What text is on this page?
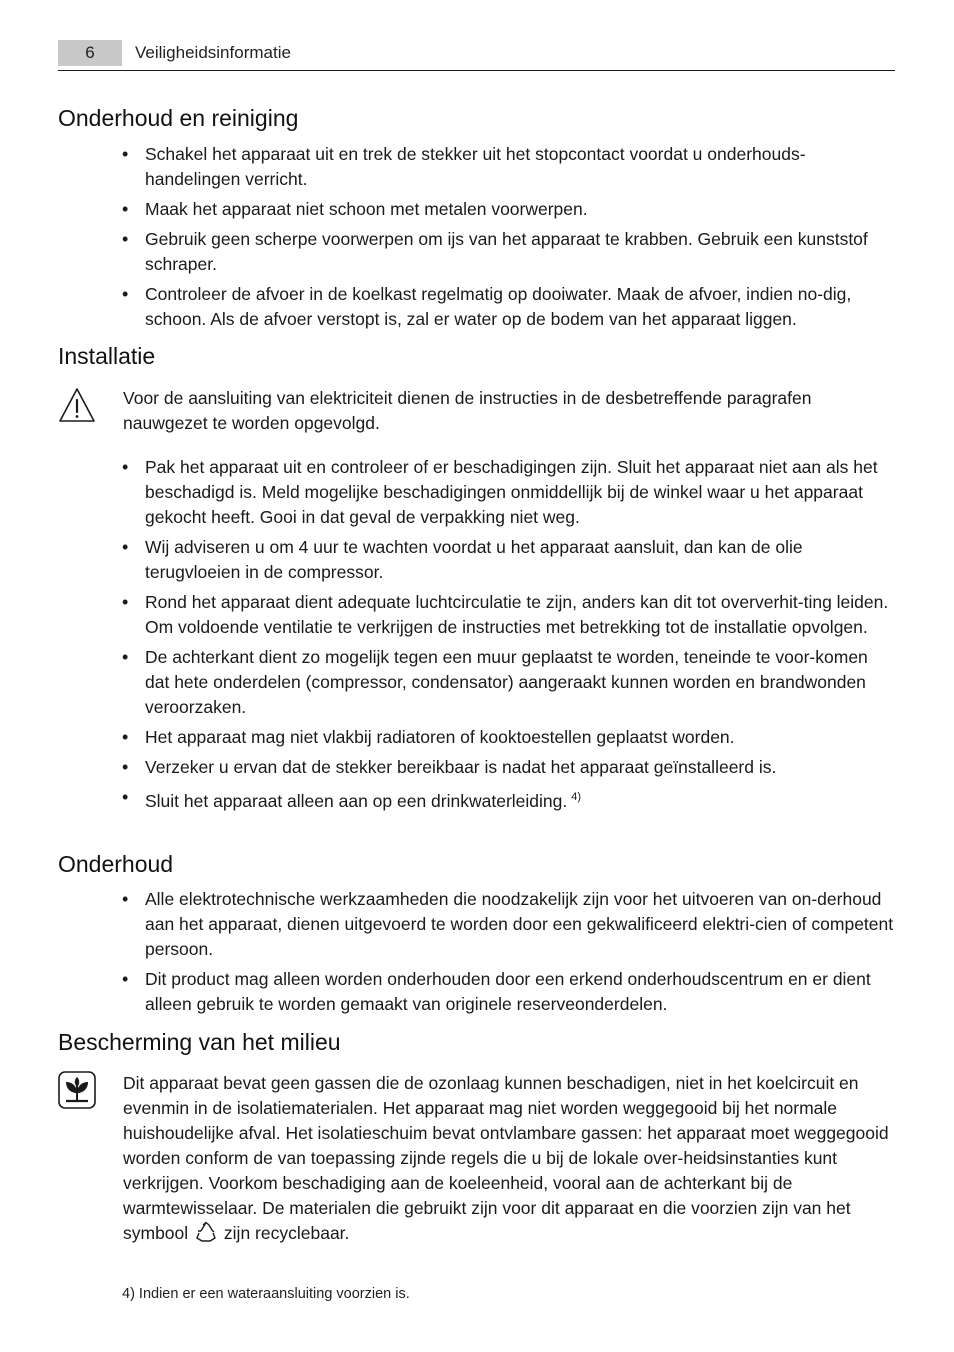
6	Veiligheidsinformatie
Onderhoud en reiniging
• Schakel het apparaat uit en trek de stekker uit het stopcontact voordat u onderhouds-handelingen verricht.
• Maak het apparaat niet schoon met metalen voorwerpen.
• Gebruik geen scherpe voorwerpen om ijs van het apparaat te krabben. Gebruik een kunststof schraper.
• Controleer de afvoer in de koelkast regelmatig op dooiwater. Maak de afvoer, indien no-dig, schoon. Als de afvoer verstopt is, zal er water op de bodem van het apparaat liggen.
Installatie

Voor de aansluiting van elektriciteit dienen de instructies in de desbetreffende paragrafen nauwgezet te worden opgevolgd.

• Pak het apparaat uit en controleer of er beschadigingen zijn. Sluit het apparaat niet aan als het beschadigd is. Meld mogelijke beschadigingen onmiddellijk bij de winkel waar u het apparaat gekocht heeft. Gooi in dat geval de verpakking niet weg.
• Wij adviseren u om 4 uur te wachten voordat u het apparaat aansluit, dan kan de olie terugvloeien in de compressor.
• Rond het apparaat dient adequate luchtcirculatie te zijn, anders kan dit tot oververhit-ting leiden. Om voldoende ventilatie te verkrijgen de instructies met betrekking tot de installatie opvolgen.
• De achterkant dient zo mogelijk tegen een muur geplaatst te worden, teneinde te voor-komen dat hete onderdelen (compressor, condensator) aangeraakt kunnen worden en brandwonden veroorzaken.
• Het apparaat mag niet vlakbij radiatoren of kooktoestellen geplaatst worden.
• Verzeker u ervan dat de stekker bereikbaar is nadat het apparaat geïnstalleerd is.
• Sluit het apparaat alleen aan op een drinkwaterleiding. $^{4)}$
Onderhoud
• Alle elektrotechnische werkzaamheden die noodzakelijk zijn voor het uitvoeren van on-derhoud aan het apparaat, dienen uitgevoerd te worden door een gekwalificeerd elektri-cien of competent persoon.
• Dit product mag alleen worden onderhouden door een erkend onderhoudscentrum en er dient alleen gebruik te worden gemaakt van originele reserveonderdelen.
Bescherming van het milieu

Dit apparaat bevat geen gassen die de ozonlaag kunnen beschadigen, niet in het koelcircuit en evenmin in de isolatiematerialen. Het apparaat mag niet worden weggegooid bij het normale huishoudelijke afval. Het isolatieschuim bevat ontvlambare gassen: het apparaat moet weggegooid worden conform de van toepassing zijnde regels die u bij de lokale over-heidsinstanties kunt verkrijgen. Voorkom beschadiging aan de koeleenheid, vooral aan de achterkant bij de warmtewisselaar. De materialen die gebruikt zijn voor dit apparaat en die voorzien zijn van het symbool zijn recyclebaar.

4) Indien er een wateraansluiting voorzien is.
